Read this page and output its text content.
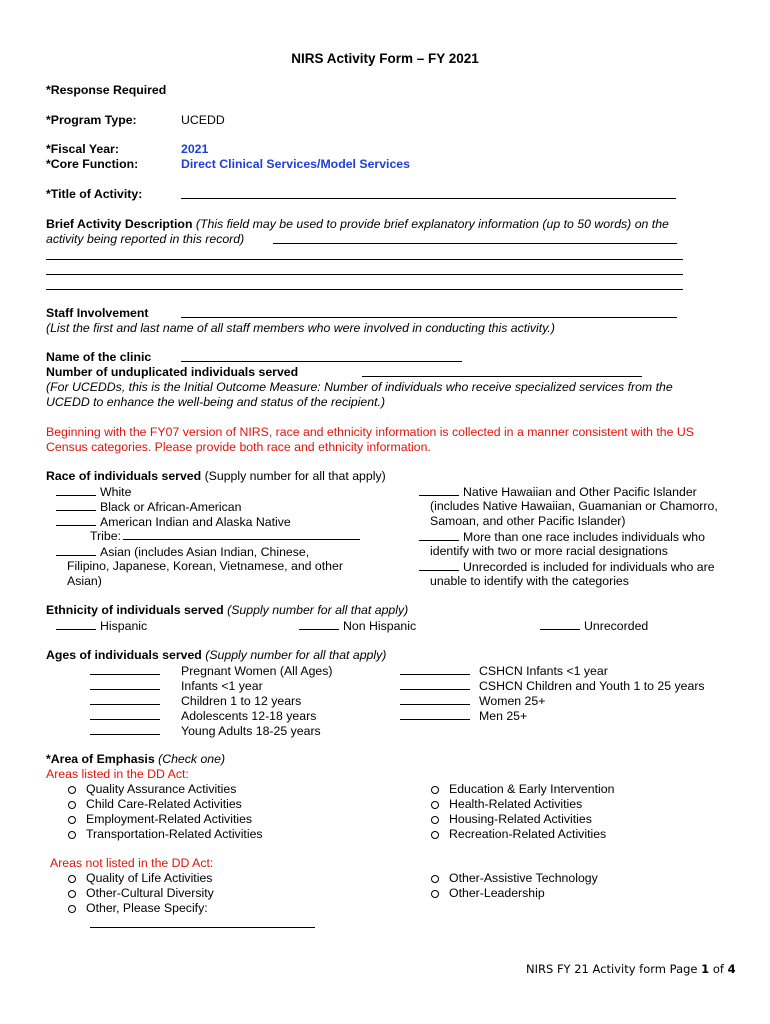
NIRS Activity Form – FY 2021
*Response Required
*Program Type:	UCEDD
*Fiscal Year:	2021
*Core Function:	Direct Clinical Services/Model Services
*Title of Activity:
Brief Activity Description (This field may be used to provide brief explanatory information (up to 50 words) on the
activity being reported in this record)
Staff Involvement
(List the first and last name of all staff members who were involved in conducting this activity.)
Name of the clinic
Number of unduplicated individuals served
(For UCEDDs, this is the Initial Outcome Measure: Number of individuals who receive specialized services from the
UCEDD to enhance the well-being and status of the recipient.)
Beginning with the FY07 version of NIRS, race and ethnicity information is collected in a manner consistent with the US
Census categories. Please provide both race and ethnicity information.
Race of individuals served (Supply number for all that apply)
White
Black or African-American
American Indian and Alaska Native
Tribe:
Asian (includes Asian Indian, Chinese,
Filipino, Japanese, Korean, Vietnamese, and other
Asian)
Native Hawaiian and Other Pacific Islander
(includes Native Hawaiian, Guamanian or Chamorro,
Samoan, and other Pacific Islander)
More than one race includes individuals who
identify with two or more racial designations
Unrecorded is included for individuals who are
unable to identify with the categories
Ethnicity of individuals served (Supply number for all that apply)
Hispanic	Non Hispanic	Unrecorded
Ages of individuals served (Supply number for all that apply)
Pregnant Women (All Ages)
Infants <1 year
Children 1 to 12 years
Adolescents 12-18 years
Young Adults 18-25 years
CSHCN Infants <1 year
CSHCN Children and Youth 1 to 25 years
Women 25+
Men 25+
*Area of Emphasis (Check one)
Areas listed in the DD Act:
Quality Assurance Activities
Child Care-Related Activities
Employment-Related Activities
Transportation-Related Activities
Education & Early Intervention
Health-Related Activities
Housing-Related Activities
Recreation-Related Activities
Areas not listed in the DD Act:
Quality of Life Activities
Other-Cultural Diversity
Other, Please Specify:
Other-Assistive Technology
Other-Leadership
NIRS FY 21 Activity form Page 1 of 4
